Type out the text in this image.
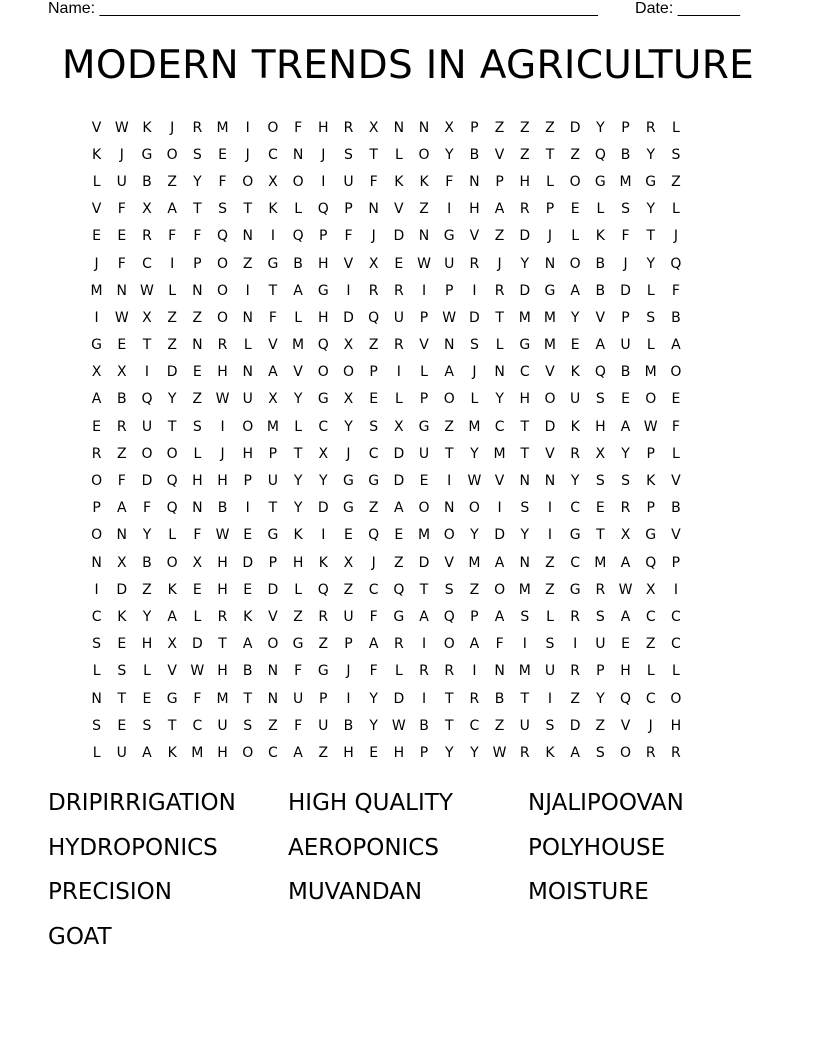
Name: ________________________________________________________ Date: _______
MODERN TRENDS IN AGRICULTURE
V W K	J	R	M	I	O	F	H	R	X	N	N	X	P	Z	Z	Z	D	Y	P	R	L
K	J	G	O	S	E	J	C	N	J	S	T	L	O	Y	B	V	Z	T	Z	Q	B	Y	S
L	U	B	Z	Y	F	O	X	O	I	U	F	K	K	F	N	P	H	L	O	G M G	Z
V	F	X	A	T	S	T	K	L	Q	P	N	V	Z	I	H	A	R	P	E	L	S	Y	L
E	E	R	F	F	Q	N	I	Q	P	F	J	D	N	G	V	Z	D	J	L	K	F	T	J
J	F	C	I	P	O	Z	G	B	H	V	X	E W U	R	J	Y	N	O	B	J	Y	Q
M N W	L	N	O	I	T	A	G	I	R	R	I	P	I	R	D	G	A	B	D	L	F
I	W X	Z	Z	O	N	F	L	H	D	Q	U	P	W D	T	M M	Y	V	P	S	B
G	E	T	Z	N	R	L	V	M Q	X	Z	R	V	N	S	L	G M	E	A	U	L	A
X	X	I	D	E	H	N	A	V	O	O	P	I	L	A	J	N	C	V	K	Q	B	M O
A	B	Q	Y	Z W U	X	Y	G	X	E	L	P	O	L	Y	H	O	U	S	E	O	E
E	R	U	T	S	I	O M	L	C	Y	S	X	G	Z	M	C	T	D	K	H	A W	F
R	Z	O	O	L	J	H	P	T	X	J	C	D	U	T	Y	M	T	V	R	X	Y	P	L
O	F	D	Q	H	H	P	U	Y	Y	G	G	D	E	I	W V	N	N	Y	S	S	K	V
P	A	F	Q	N	B	I	T	Y	D	G	Z	A	O	N	O	I	S	I	C	E	R	P	B
O	N	Y	L	F	W E	G	K	I	E	Q	E	M O	Y	D	Y	I	G	T	X	G	V
N	X	B	O	X	H	D	P	H	K	X	J	Z	D	V	M	A	N	Z	C	M	A	Q	P
I	D	Z	K	E	H	E	D	L	Q	Z	C	Q	T	S	Z	O M	Z	G	R W X	I
C	K	Y	A	L	R	K	V	Z	R	U	F	G	A	Q	P	A	S	L	R	S	A	C	C
S	E	H	X	D	T	A	O	G	Z	P	A	R	I	O	A	F	I	S	I	U	E	Z	C
L	S	L	V W H	B	N	F	G	J	F	L	R	R	I	N M	U	R	P	H	L	L
N	T	E	G	F	M	T	N	U	P	I	Y	D	I	T	R	B	T	I	Z	Y	Q	C	O
S	E	S	T	C	U	S	Z	F	U	B	Y W B	T	C	Z	U	S	D	Z	V	J	H
L	U	A	K	M H	O	C	A	Z	H	E	H	P	Y	Y W R	K	A	S	O	R	R
DRIPIRRIGATION	HIGH QUALITY	NJALIPOOVAN
HYDROPONICS	AEROPONICS	POLYHOUSE
PRECISION	MUVANDAN	MOISTURE
GOAT
